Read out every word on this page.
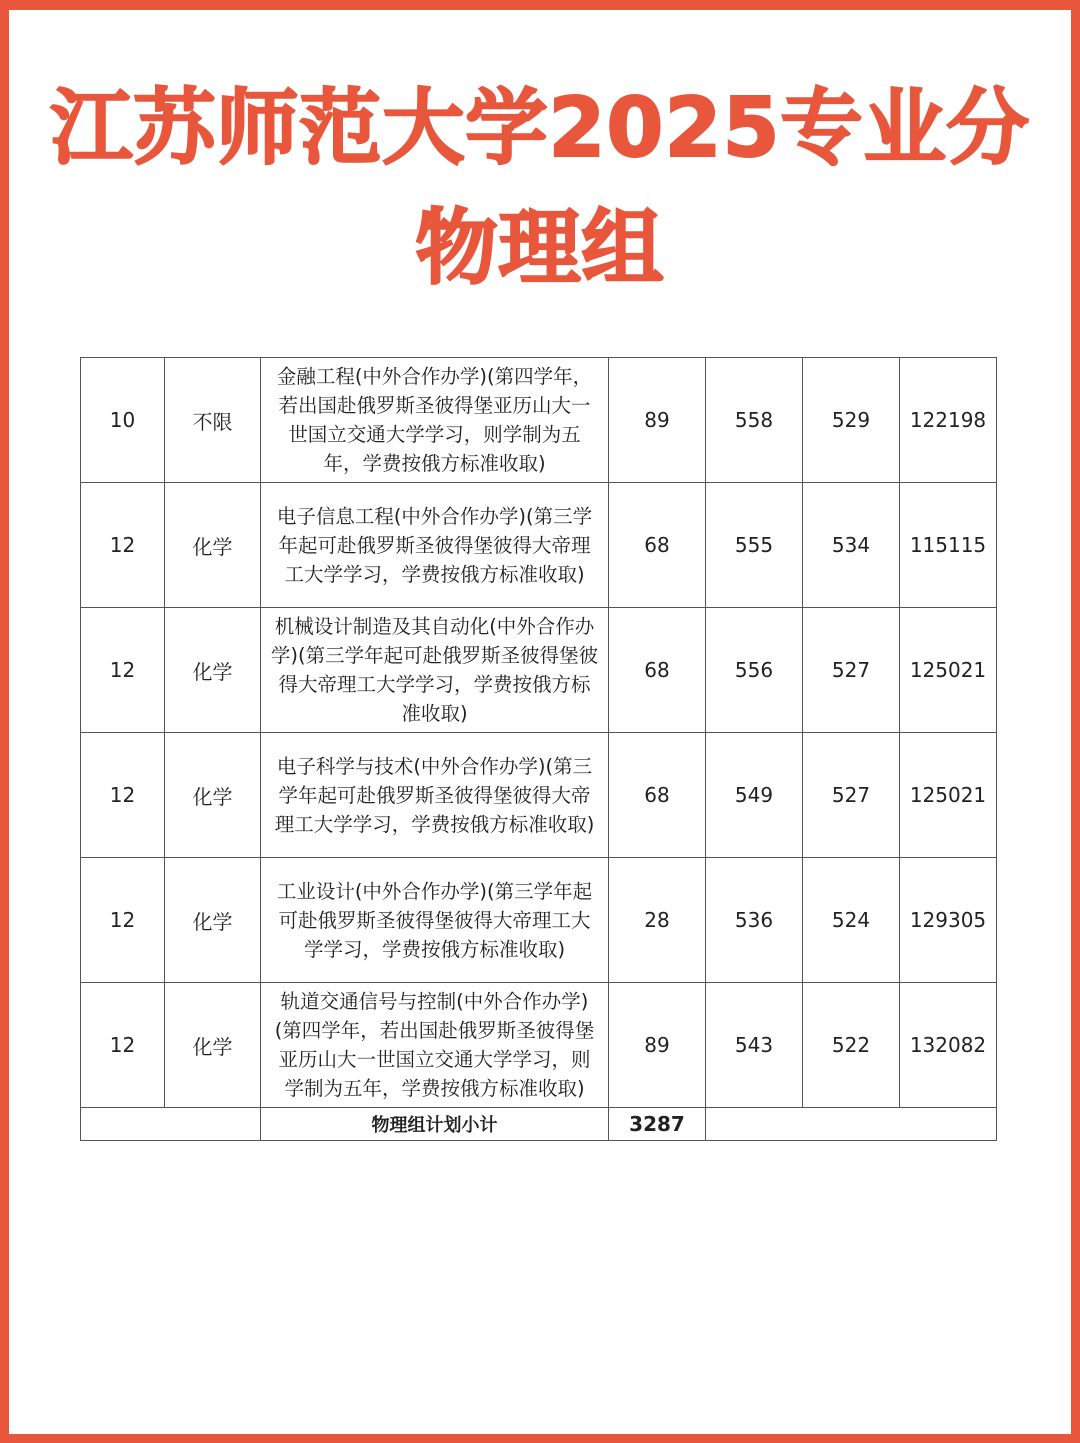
江苏师范大学2025专业分
物理组
10	不限	金融工程(中外合作办学)(第四学年，若出国赴俄罗斯圣彼得堡亚历山大一世国立交通大学学习，则学制为五年，学费按俄方标准收取)	89	558	529	122198
12	化学	电子信息工程(中外合作办学)(第三学年起可赴俄罗斯圣彼得堡彼得大帝理工大学学习，学费按俄方标准收取)	68	555	534	115115
12	化学	机械设计制造及其自动化(中外合作办学)(第三学年起可赴俄罗斯圣彼得堡彼得大帝理工大学学习，学费按俄方标准收取)	68	556	527	125021
12	化学	电子科学与技术(中外合作办学)(第三学年起可赴俄罗斯圣彼得堡彼得大帝理工大学学习，学费按俄方标准收取)	68	549	527	125021
12	化学	工业设计(中外合作办学)(第三学年起可赴俄罗斯圣彼得堡彼得大帝理工大学学习，学费按俄方标准收取)	28	536	524	129305
12	化学	轨道交通信号与控制(中外合作办学)(第四学年，若出国赴俄罗斯圣彼得堡亚历山大一世国立交通大学学习，则学制为五年，学费按俄方标准收取)	89	543	522	132082
		物理组计划小计	3287			
